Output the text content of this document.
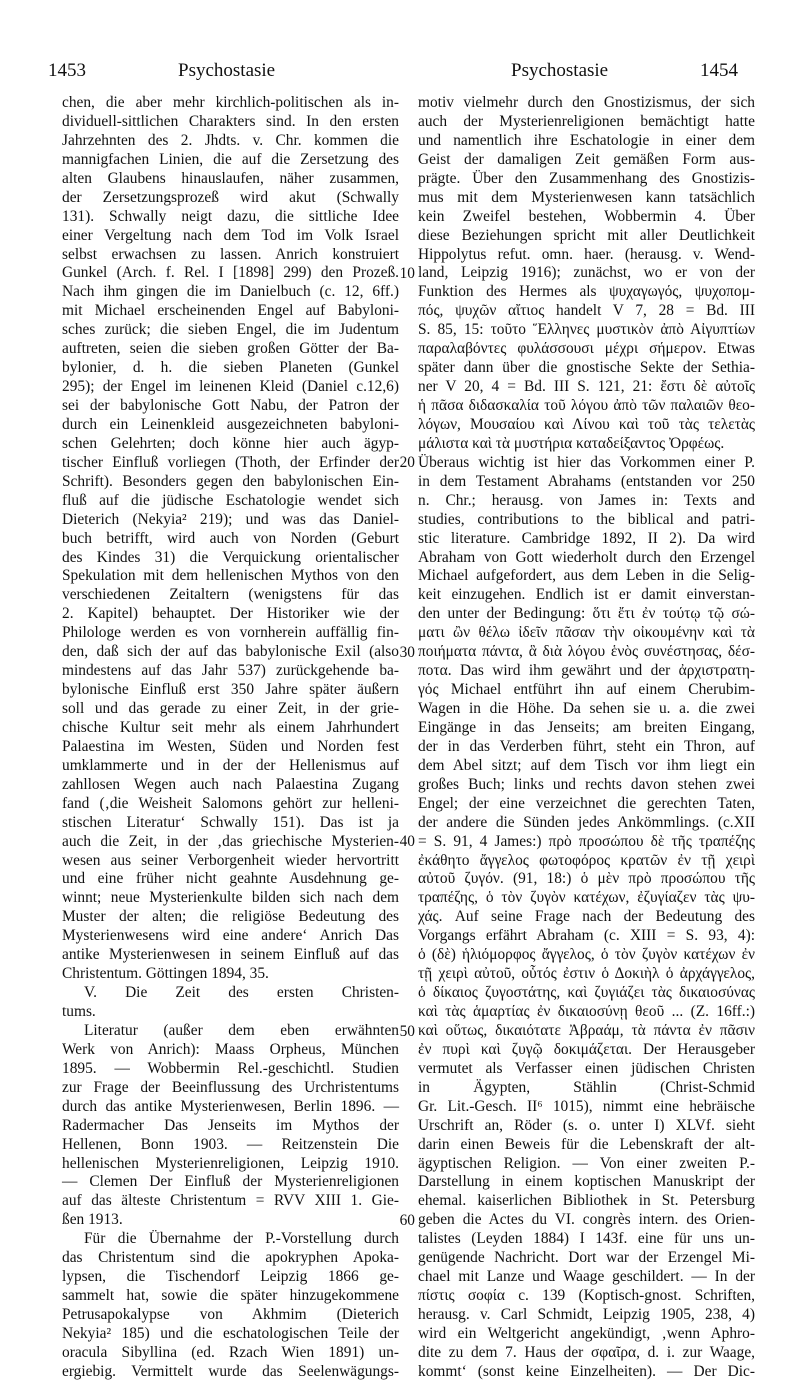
1453	Psychostasie	Psychostasie	1454
chen, die aber mehr kirchlich-politischen als in-
dividuell-sittlichen Charakters sind. In den ersten
Jahrzehnten des 2. Jhdts. v. Chr. kommen die
mannigfachen Linien, die auf die Zersetzung des
alten Glaubens hinauslaufen, näher zusammen,
der Zersetzungsprozeß wird akut (Schwally
131). Schwally neigt dazu, die sittliche Idee
einer Vergeltung nach dem Tod im Volk Israel
selbst erwachsen zu lassen. Anrich konstruiert
Gunkel (Arch. f. Rel. I [1898] 299) den Prozeß.
Nach ihm gingen die im Danielbuch (c. 12, 6ff.)
mit Michael erscheinenden Engel auf Babyloni-
sches zurück; die sieben Engel, die im Judentum
auftreten, seien die sieben großen Götter der Ba-
bylonier, d. h. die sieben Planeten (Gunkel
295); der Engel im leinenen Kleid (Daniel c.12,6)
sei der babylonische Gott Nabu, der Patron der
durch ein Leinenkleid ausgezeichneten babyloni-
schen Gelehrten; doch könne hier auch ägyp-
tischer Einfluß vorliegen (Thoth, der Erfinder der
Schrift). Besonders gegen den babylonischen Ein-
fluß auf die jüdische Eschatologie wendet sich
Dieterich (Nekyia² 219); und was das Daniel-
buch betrifft, wird auch von Norden (Geburt
des Kindes 31) die Verquickung orientalischer
Spekulation mit dem hellenischen Mythos von den
verschiedenen Zeitaltern (wenigstens für das
2. Kapitel) behauptet. Der Historiker wie der
Philologe werden es von vornherein auffällig fin-
den, daß sich der auf das babylonische Exil (also
mindestens auf das Jahr 537) zurückgehende ba-
bylonische Einfluß erst 350 Jahre später äußern
soll und das gerade zu einer Zeit, in der grie-
chische Kultur seit mehr als einem Jahrhundert
Palaestina im Westen, Süden und Norden fest
umklammerte und in der der Hellenismus auf
zahllosen Wegen auch nach Palaestina Zugang
fand (‚die Weisheit Salomons gehört zur helleni-
stischen Literatur‘ Schwally 151). Das ist ja
auch die Zeit, in der ‚das griechische Mysterien-
wesen aus seiner Verborgenheit wieder hervortritt
und eine früher nicht geahnte Ausdehnung ge-
winnt; neue Mysterienkulte bilden sich nach dem
Muster der alten; die religiöse Bedeutung des
Mysterienwesens wird eine andere‘ Anrich Das
antike Mysterienwesen in seinem Einfluß auf das
Christentum. Göttingen 1894, 35.
V. Die Zeit des ersten Christen-
tums.
Literatur (außer dem eben erwähnten
Werk von Anrich): Maass Orpheus, München
1895. — Wobbermin Rel.-geschichtl. Studien
zur Frage der Beeinflussung des Urchristentums
durch das antike Mysterienwesen, Berlin 1896. —
Radermacher Das Jenseits im Mythos der
Hellenen, Bonn 1903. — Reitzenstein Die
hellenischen Mysterienreligionen, Leipzig 1910.
— Clemen Der Einfluß der Mysterienreligionen
auf das älteste Christentum = RVV XIII 1. Gie-
ßen 1913.
Für die Übernahme der P.-Vorstellung durch
das Christentum sind die apokryphen Apoka-
lypsen, die Tischendorf Leipzig 1866 ge-
sammelt hat, sowie die später hinzugekommene
Petrusapokalypse von Akhmim (Dieterich
Nekyia² 185) und die eschatologischen Teile der
oracula Sibyllina (ed. Rzach Wien 1891) un-
ergiebig. Vermittelt wurde das Seelenwägungs-
motiv vielmehr durch den Gnostizismus, der sich
auch der Mysterienreligionen bemächtigt hatte
und namentlich ihre Eschatologie in einer dem
Geist der damaligen Zeit gemäßen Form aus-
prägte. Über den Zusammenhang des Gnostizis-
mus mit dem Mysterienwesen kann tatsächlich
kein Zweifel bestehen, Wobbermin 4. Über
diese Beziehungen spricht mit aller Deutlichkeit
Hippolytus refut. omn. haer. (herausg. v. Wend-
land, Leipzig 1916); zunächst, wo er von der
Funktion des Hermes als ψυχαγωγός, ψυχοπομ-
πός, ψυχῶν αἴτιος handelt V 7, 28 = Bd. III
S. 85, 15: τοῦτο Ἕλληνες μυστικὸν ἀπὸ Αἰγυπτίων
παραλαβόντες φυλάσσουσι μέχρι σήμερον. Etwas
später dann über die gnostische Sekte der Sethia-
ner V 20, 4 = Bd. III S. 121, 21: ἔστι δὲ αὐτοῖς
ἡ πᾶσα διδασκαλία τοῦ λόγου ἀπὸ τῶν παλαιῶν θεο-
λόγων, Μουσαίου καὶ Λίνου καὶ τοῦ τὰς τελετὰς
μάλιστα καὶ τὰ μυστήρια καταδείξαντος Ὀρφέως.
Überaus wichtig ist hier das Vorkommen einer P.
in dem Testament Abrahams (entstanden vor 250
n. Chr.; herausg. von James in: Texts and
studies, contributions to the biblical and patri-
stic literature. Cambridge 1892, II 2). Da wird
Abraham von Gott wiederholt durch den Erzengel
Michael aufgefordert, aus dem Leben in die Selig-
keit einzugehen. Endlich ist er damit einverstan-
den unter der Bedingung: ὅτι ἔτι ἐν τούτῳ τῷ σώ-
ματι ὢν θέλω ἰδεῖν πᾶσαν τὴν οἰκουμένην καὶ τὰ
ποιήματα πάντα, ἃ διὰ λόγου ἑνὸς συνέστησας, δέσ-
ποτα. Das wird ihm gewährt und der ἀρχιστρατη-
γός Michael entführt ihn auf einem Cherubim-
Wagen in die Höhe. Da sehen sie u. a. die zwei
Eingänge in das Jenseits; am breiten Eingang,
der in das Verderben führt, steht ein Thron, auf
dem Abel sitzt; auf dem Tisch vor ihm liegt ein
großes Buch; links und rechts davon stehen zwei
Engel; der eine verzeichnet die gerechten Taten,
der andere die Sünden jedes Ankömmlings. (c.XII
= S. 91, 4 James:) πρὸ προσώπου δὲ τῆς τραπέζης
ἐκάθητο ἄγγελος φωτοφόρος κρατῶν ἐν τῇ χειρὶ
αὐτοῦ ζυγόν. (91, 18:) ὁ μὲν πρὸ προσώπου τῆς
τραπέζης, ὁ τὸν ζυγὸν κατέχων, ἐζυγίαζεν τὰς ψυ-
χάς. Auf seine Frage nach der Bedeutung des
Vorgangs erfährt Abraham (c. XIII = S. 93, 4):
ὁ (δὲ) ἡλιόμορφος ἄγγελος, ὁ τὸν ζυγὸν κατέχων ἐν
τῇ χειρὶ αὐτοῦ, οὗτός ἐστιν ὁ Δοκιὴλ ὁ ἀρχάγγελος,
ὁ δίκαιος ζυγοστάτης, καὶ ζυγιάζει τὰς δικαιοσύνας
καὶ τὰς ἁμαρτίας ἐν δικαιοσύνῃ θεοῦ ... (Z. 16ff.:)
καὶ οὕτως, δικαιότατε Ἀβραάμ, τὰ πάντα ἐν πᾶσιν
ἐν πυρὶ καὶ ζυγῷ δοκιμάζεται. Der Herausgeber
vermutet als Verfasser einen jüdischen Christen
in Ägypten, Stählin (Christ-Schmid
Gr. Lit.-Gesch. II⁶ 1015), nimmt eine hebräische
Urschrift an, Röder (s. o. unter I) XLVf. sieht
darin einen Beweis für die Lebenskraft der alt-
ägyptischen Religion. — Von einer zweiten P.-
Darstellung in einem koptischen Manuskript der
ehemal. kaiserlichen Bibliothek in St. Petersburg
geben die Actes du VI. congrès intern. des Orien-
talistes (Leyden 1884) I 143f. eine für uns un-
genügende Nachricht. Dort war der Erzengel Mi-
chael mit Lanze und Waage geschildert. — In der
πίστις σοφία c. 139 (Koptisch-gnost. Schriften,
herausg. v. Carl Schmidt, Leipzig 1905, 238, 4)
wird ein Weltgericht angekündigt, ‚wenn Aphro-
dite zu dem 7. Haus der σφαῖρα, d. i. zur Waage,
kommt‘ (sonst keine Einzelheiten). — Der Dic-
10
20
30
40
50
60
